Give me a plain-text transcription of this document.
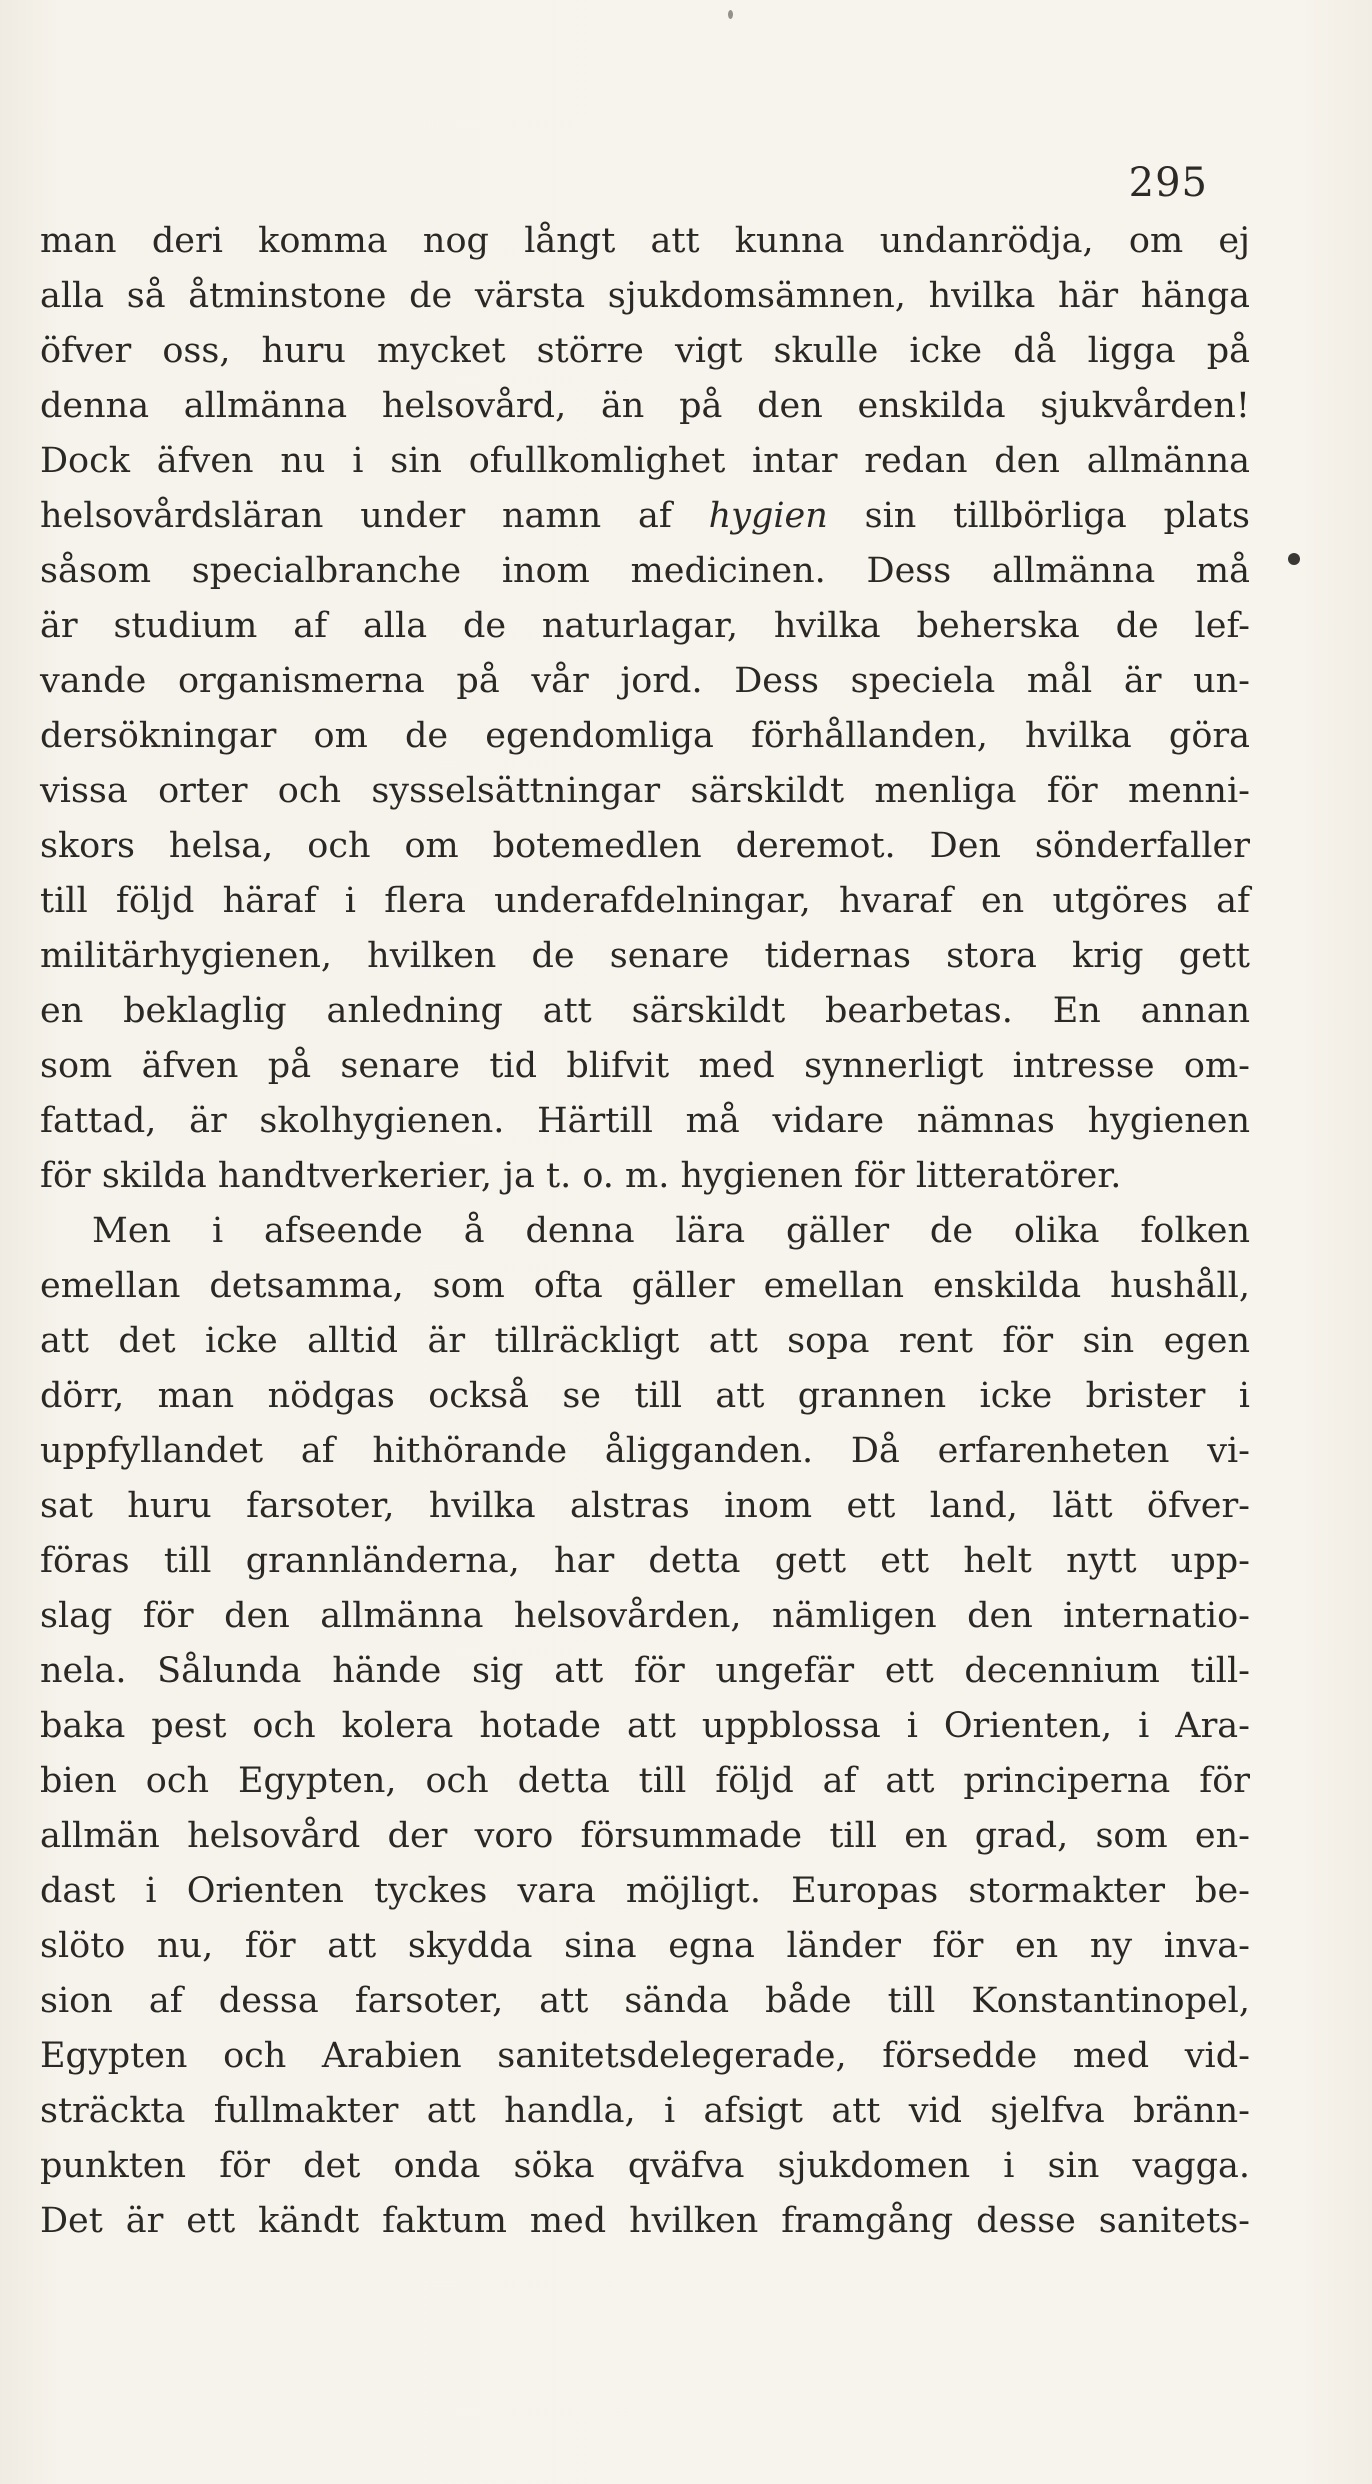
295
man deri komma nog långt att kunna undanrödja, om ej
alla så åtminstone de värsta sjukdomsämnen, hvilka här hänga
öfver oss, huru mycket större vigt skulle icke då ligga på
denna allmänna helsovård, än på den enskilda sjukvården!
Dock äfven nu i sin ofullkomlighet intar redan den allmänna
helsovårdsläran under namn af hygien sin tillbörliga plats
såsom specialbranche inom medicinen. Dess allmänna må
är studium af alla de naturlagar, hvilka beherska de lef-
vande organismerna på vår jord. Dess speciela mål är un-
dersökningar om de egendomliga förhållanden, hvilka göra
vissa orter och sysselsättningar särskildt menliga för menni-
skors helsa, och om botemedlen deremot. Den sönderfaller
till följd häraf i flera underafdelningar, hvaraf en utgöres af
militärhygienen, hvilken de senare tidernas stora krig gett
en beklaglig anledning att särskildt bearbetas. En annan
som äfven på senare tid blifvit med synnerligt intresse om-
fattad, är skolhygienen. Härtill må vidare nämnas hygienen
för skilda handtverkerier, ja t. o. m. hygienen för litteratörer.
Men i afseende å denna lära gäller de olika folken
emellan detsamma, som ofta gäller emellan enskilda hushåll,
att det icke alltid är tillräckligt att sopa rent för sin egen
dörr, man nödgas också se till att grannen icke brister i
uppfyllandet af hithörande åligganden. Då erfarenheten vi-
sat huru farsoter, hvilka alstras inom ett land, lätt öfver-
föras till grannländerna, har detta gett ett helt nytt upp-
slag för den allmänna helsovården, nämligen den internatio-
nela. Sålunda hände sig att för ungefär ett decennium till-
baka pest och kolera hotade att uppblossa i Orienten, i Ara-
bien och Egypten, och detta till följd af att principerna för
allmän helsovård der voro försummade till en grad, som en-
dast i Orienten tyckes vara möjligt. Europas stormakter be-
slöto nu, för att skydda sina egna länder för en ny inva-
sion af dessa farsoter, att sända både till Konstantinopel,
Egypten och Arabien sanitetsdelegerade, försedde med vid-
sträckta fullmakter att handla, i afsigt att vid sjelfva bränn-
punkten för det onda söka qväfva sjukdomen i sin vagga.
Det är ett kändt faktum med hvilken framgång desse sanitets-
